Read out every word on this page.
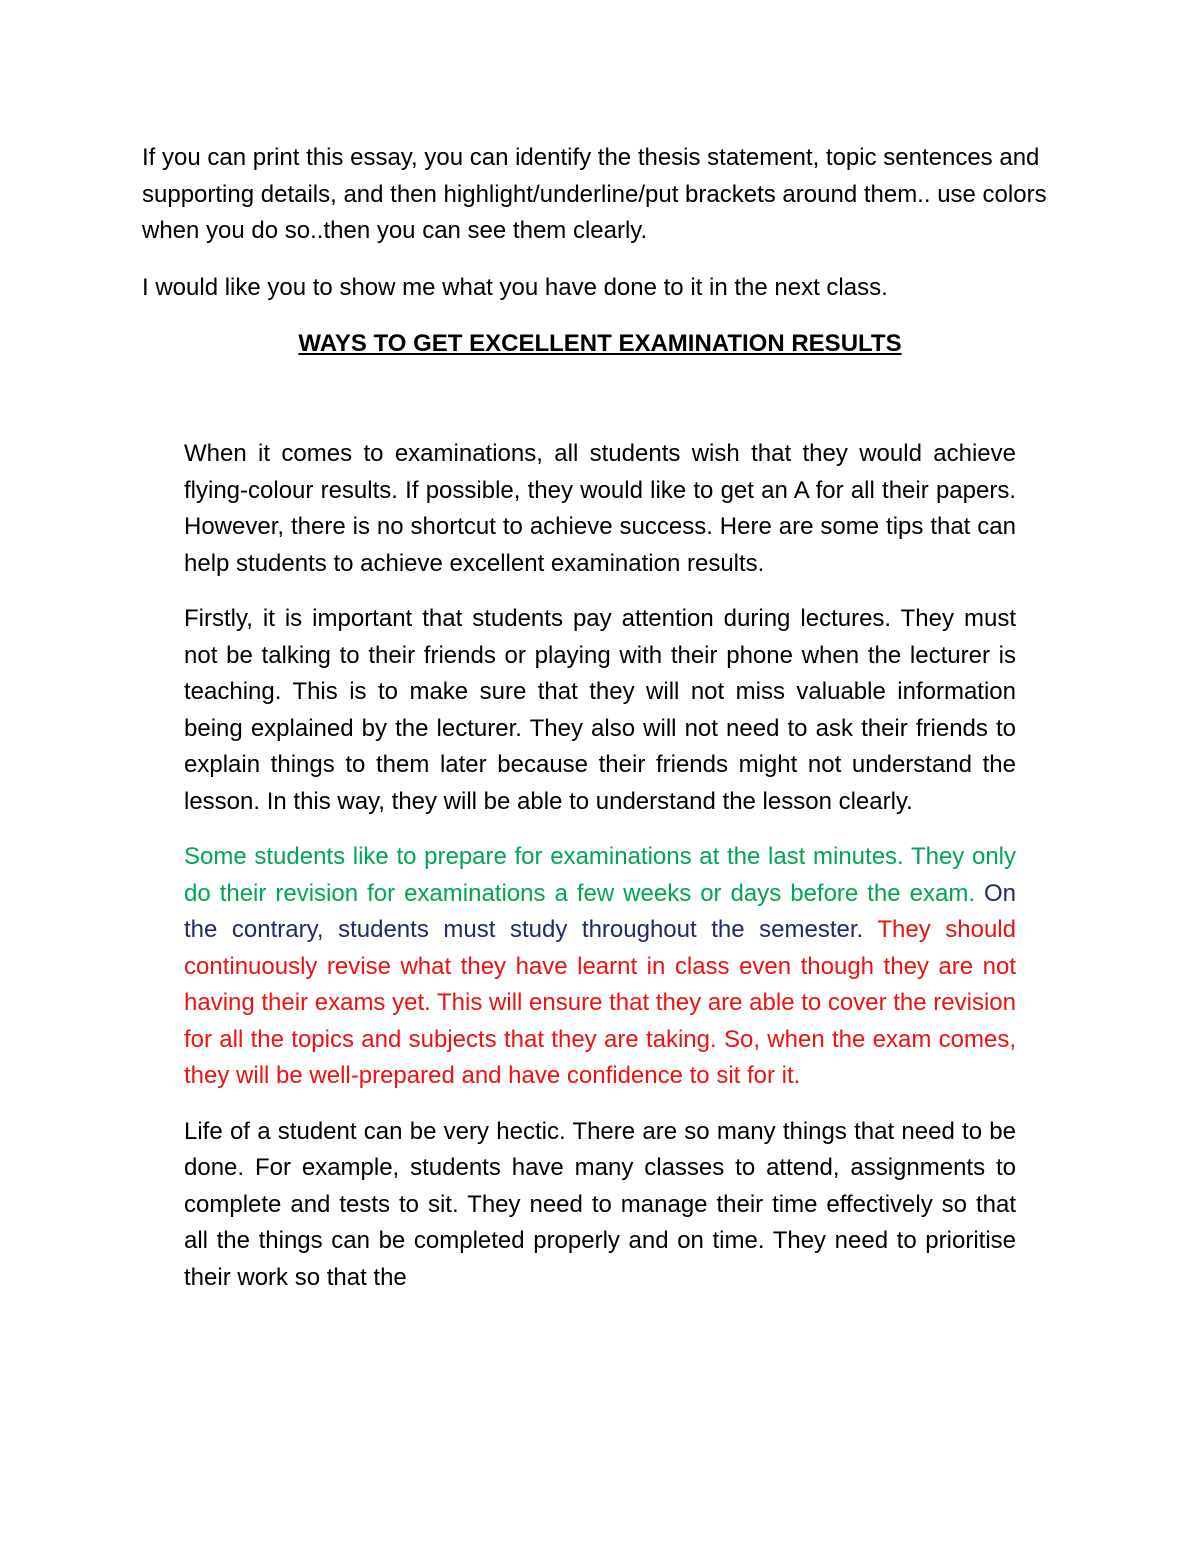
If you can print this essay, you can identify the thesis statement, topic sentences and supporting details, and then highlight/underline/put brackets around them.. use colors when you do so..then you can see them clearly.

I would like you to show me what you have done to it in the next class.

WAYS TO GET EXCELLENT EXAMINATION RESULTS

When it comes to examinations, all students wish that they would achieve flying-colour results. If possible, they would like to get an A for all their papers. However, there is no shortcut to achieve success. Here are some tips that can help students to achieve excellent examination results.

Firstly, it is important that students pay attention during lectures. They must not be talking to their friends or playing with their phone when the lecturer is teaching. This is to make sure that they will not miss valuable information being explained by the lecturer. They also will not need to ask their friends to explain things to them later because their friends might not understand the lesson. In this way, they will be able to understand the lesson clearly.

Some students like to prepare for examinations at the last minutes. They only do their revision for examinations a few weeks or days before the exam. On the contrary, students must study throughout the semester. They should continuously revise what they have learnt in class even though they are not having their exams yet. This will ensure that they are able to cover the revision for all the topics and subjects that they are taking. So, when the exam comes, they will be well-prepared and have confidence to sit for it.

Life of a student can be very hectic. There are so many things that need to be done. For example, students have many classes to attend, assignments to complete and tests to sit. They need to manage their time effectively so that all the things can be completed properly and on time. They need to prioritise their work so that the
